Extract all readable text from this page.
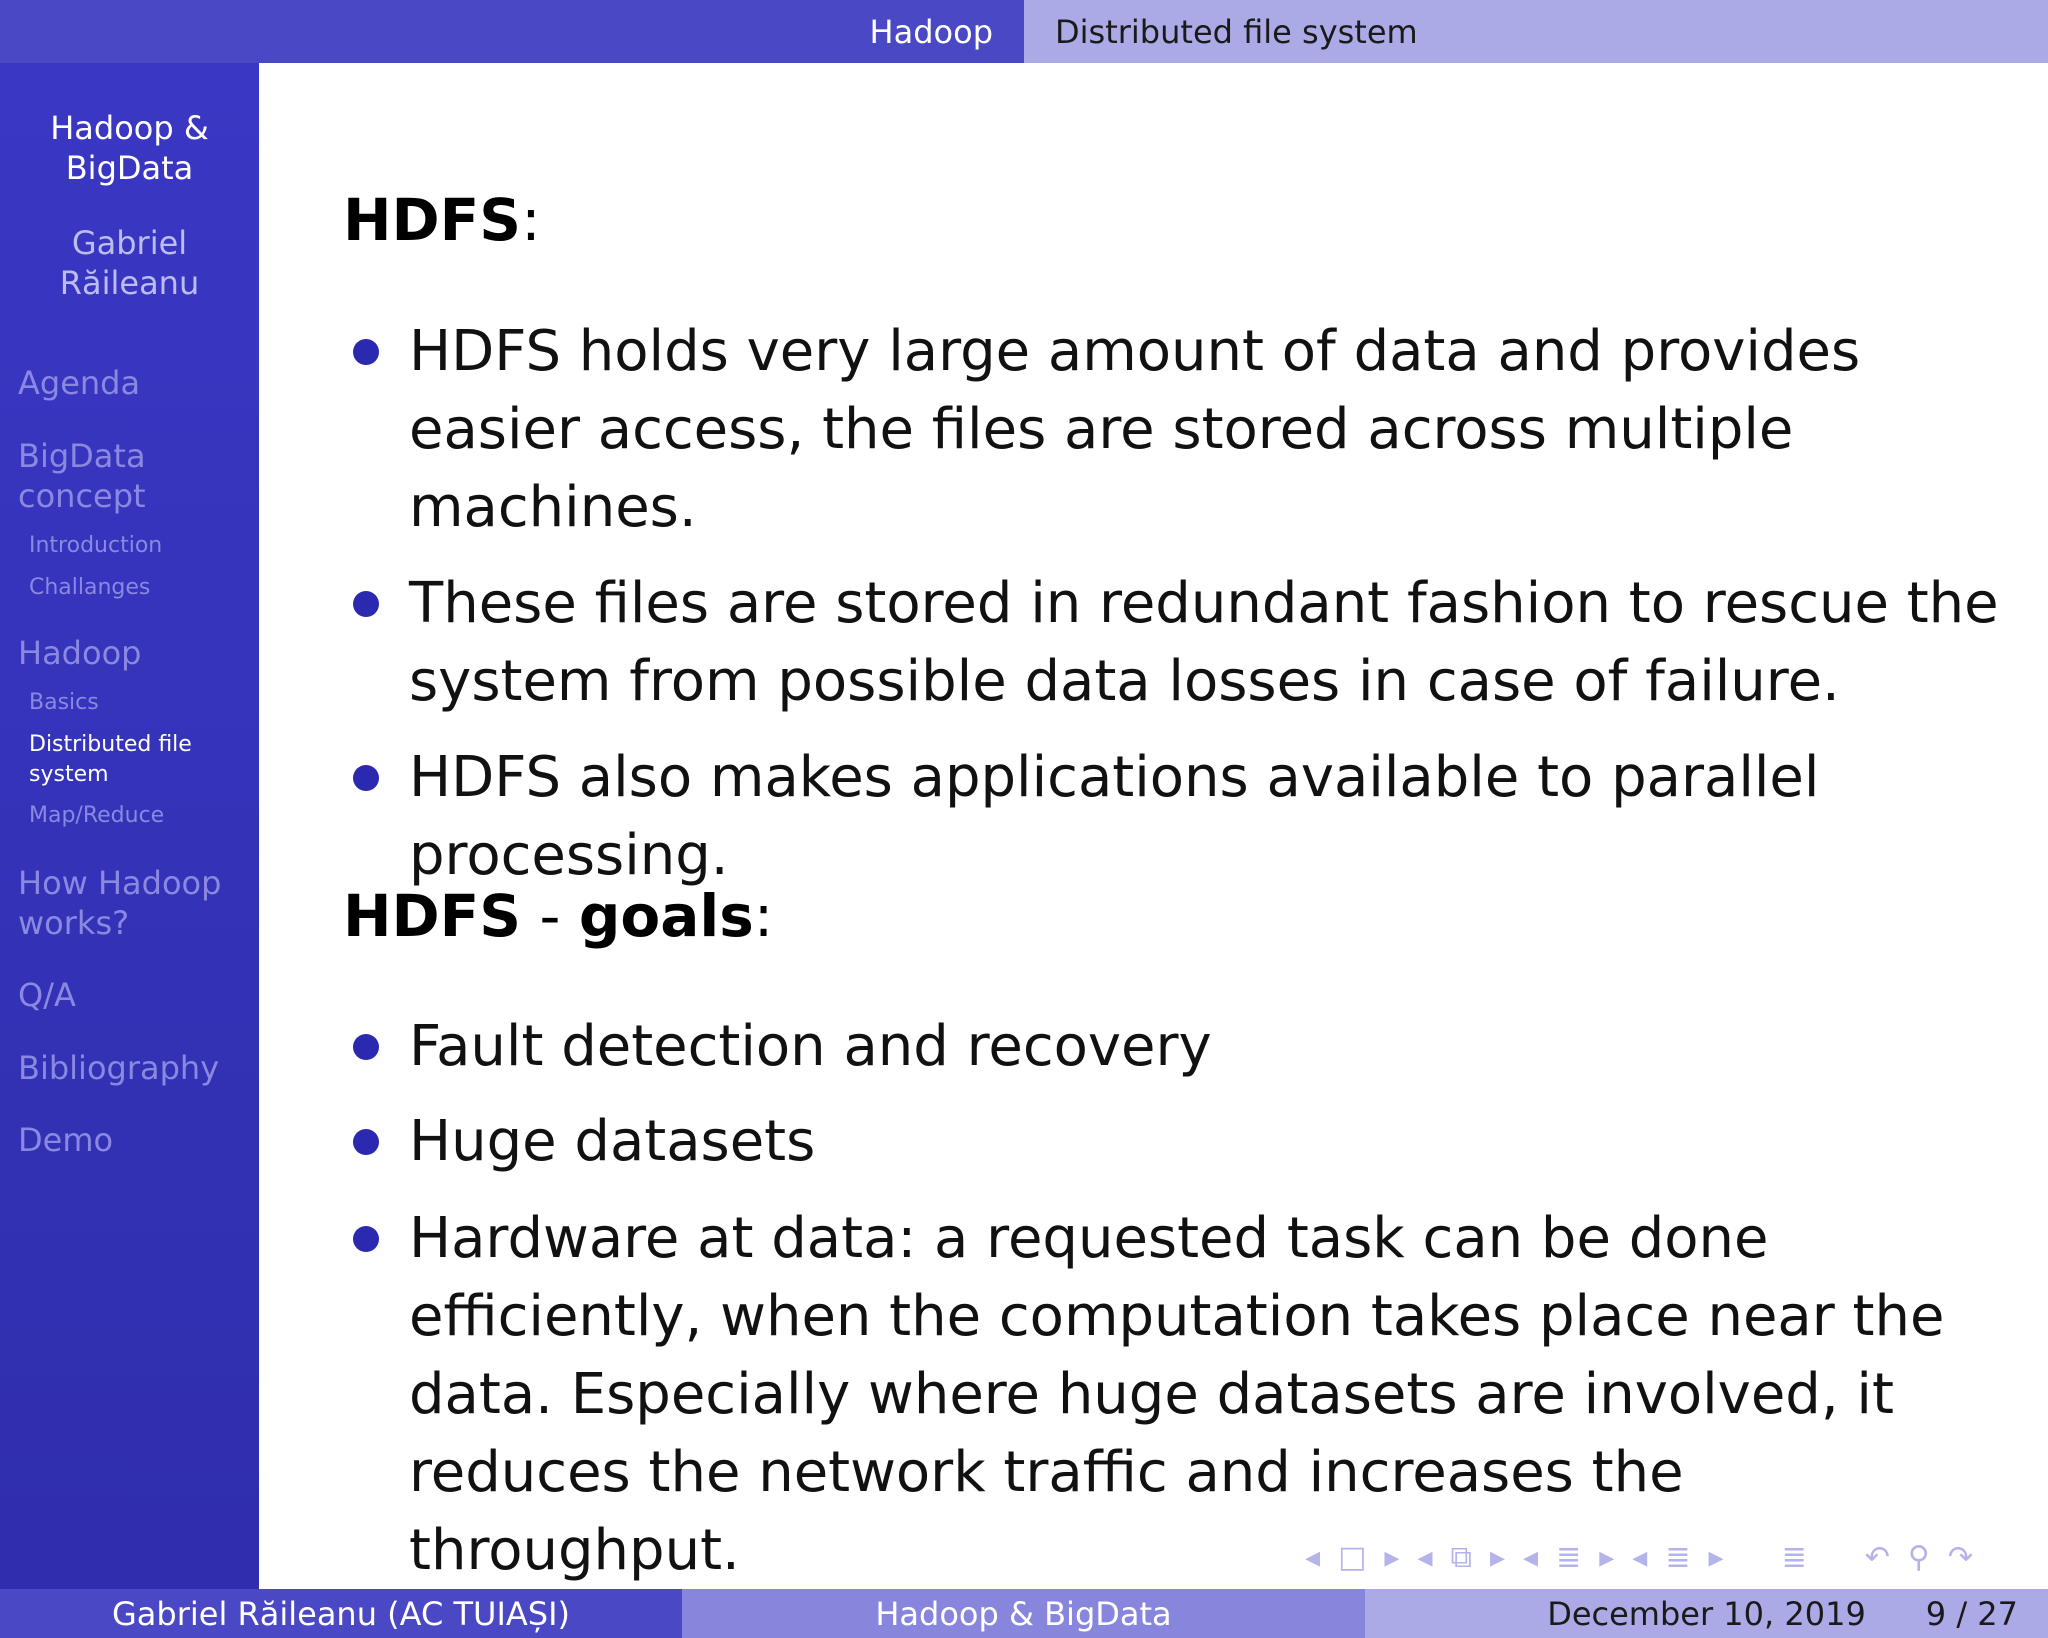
Hadoop	Distributed file system
Hadoop &
BigData
Gabriel
Răileanu
Agenda
BigData
concept
Introduction
Challanges
Hadoop
Basics
Distributed file
system
Map/Reduce
How Hadoop
works?
Q/A
Bibliography
Demo
HDFS:
HDFS holds very large amount of data and provides
easier access, the files are stored across multiple
machines.
These files are stored in redundant fashion to rescue the
system from possible data losses in case of failure.
HDFS also makes applications available to parallel
processing.
HDFS - goals:
Fault detection and recovery
Huge datasets
Hardware at data: a requested task can be done
efficiently, when the computation takes place near the
data. Especially where huge datasets are involved, it
reduces the network traffic and increases the throughput.	◂ □ ▸ ◂ ⧉ ▸ ◂ ≣ ▸ ◂ ≣ ▸ ≣ ↶ ⚲ ↷
Gabriel Răileanu (AC TUIAȘI)	Hadoop & BigData	December 10, 2019 9 / 27
